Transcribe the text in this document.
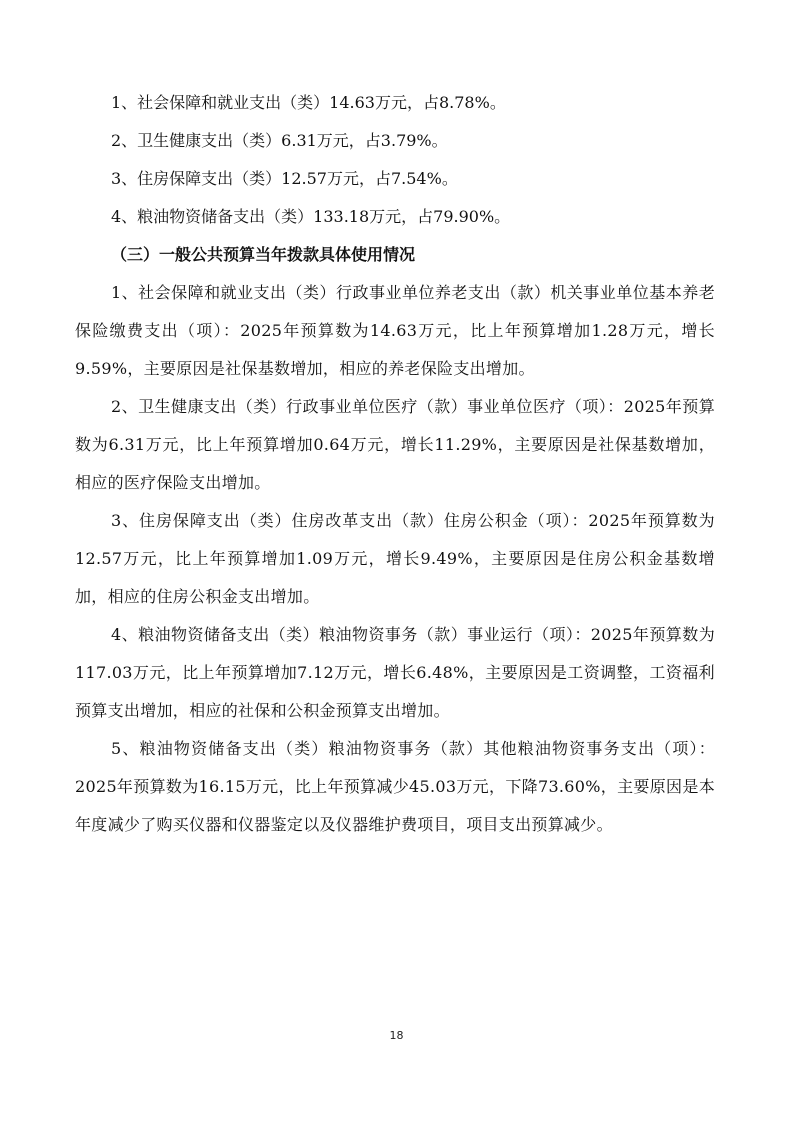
1、社会保障和就业支出（类）14.63万元，占8.78%。

2、卫生健康支出（类）6.31万元，占3.79%。

3、住房保障支出（类）12.57万元，占7.54%。

4、粮油物资储备支出（类）133.18万元，占79.90%。

（三）一般公共预算当年拨款具体使用情况

1、社会保障和就业支出（类）行政事业单位养老支出（款）机关事业单位基本养老保险缴费支出（项）：2025年预算数为14.63万元，比上年预算增加1.28万元，增长9.59%，主要原因是社保基数增加，相应的养老保险支出增加。

2、卫生健康支出（类）行政事业单位医疗（款）事业单位医疗（项）：2025年预算数为6.31万元，比上年预算增加0.64万元，增长11.29%，主要原因是社保基数增加，相应的医疗保险支出增加。

3、住房保障支出（类）住房改革支出（款）住房公积金（项）：2025年预算数为12.57万元，比上年预算增加1.09万元，增长9.49%，主要原因是住房公积金基数增加，相应的住房公积金支出增加。

4、粮油物资储备支出（类）粮油物资事务（款）事业运行（项）：2025年预算数为117.03万元，比上年预算增加7.12万元，增长6.48%，主要原因是工资调整，工资福利预算支出增加，相应的社保和公积金预算支出增加。

5、粮油物资储备支出（类）粮油物资事务（款）其他粮油物资事务支出（项）：2025年预算数为16.15万元，比上年预算减少45.03万元，下降73.60%，主要原因是本年度减少了购买仪器和仪器鉴定以及仪器维护费项目，项目支出预算减少。

18
